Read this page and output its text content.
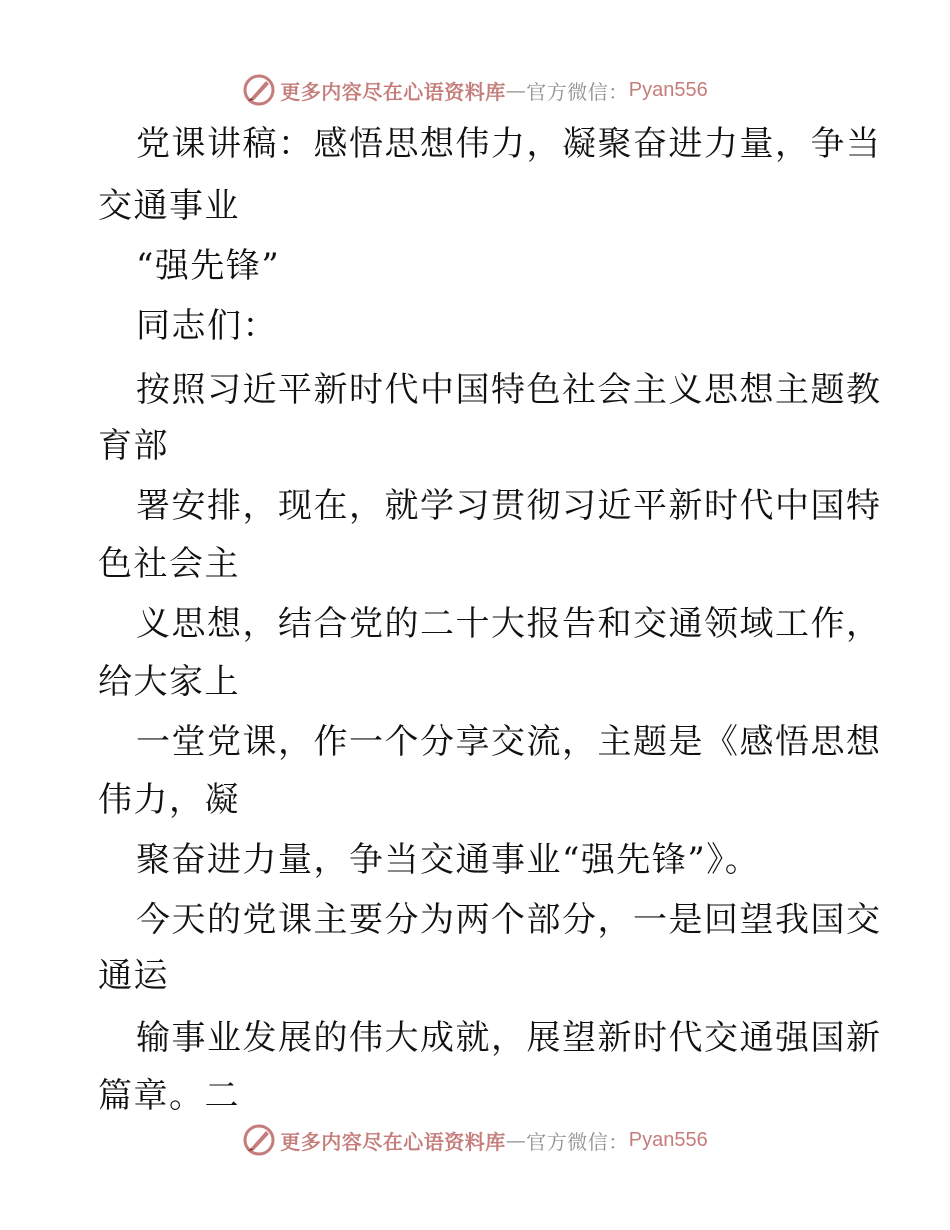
更多内容尽在心语资料库 — 官方微信： Pyan556
党课讲稿：感悟思想伟力，凝聚奋进力量，争当
交通事业
“强先锋”
同志们：
按照习近平新时代中国特色社会主义思想主题教
育部
署安排，现在，就学习贯彻习近平新时代中国特
色社会主
义思想，结合党的二十大报告和交通领域工作，
给大家上
一堂党课，作一个分享交流，主题是《感悟思想
伟力，凝
聚奋进力量，争当交通事业“强先锋”》。
今天的党课主要分为两个部分，一是回望我国交
通运
输事业发展的伟大成就，展望新时代交通强国新
篇章。二
更多内容尽在心语资料库 — 官方微信： Pyan556
